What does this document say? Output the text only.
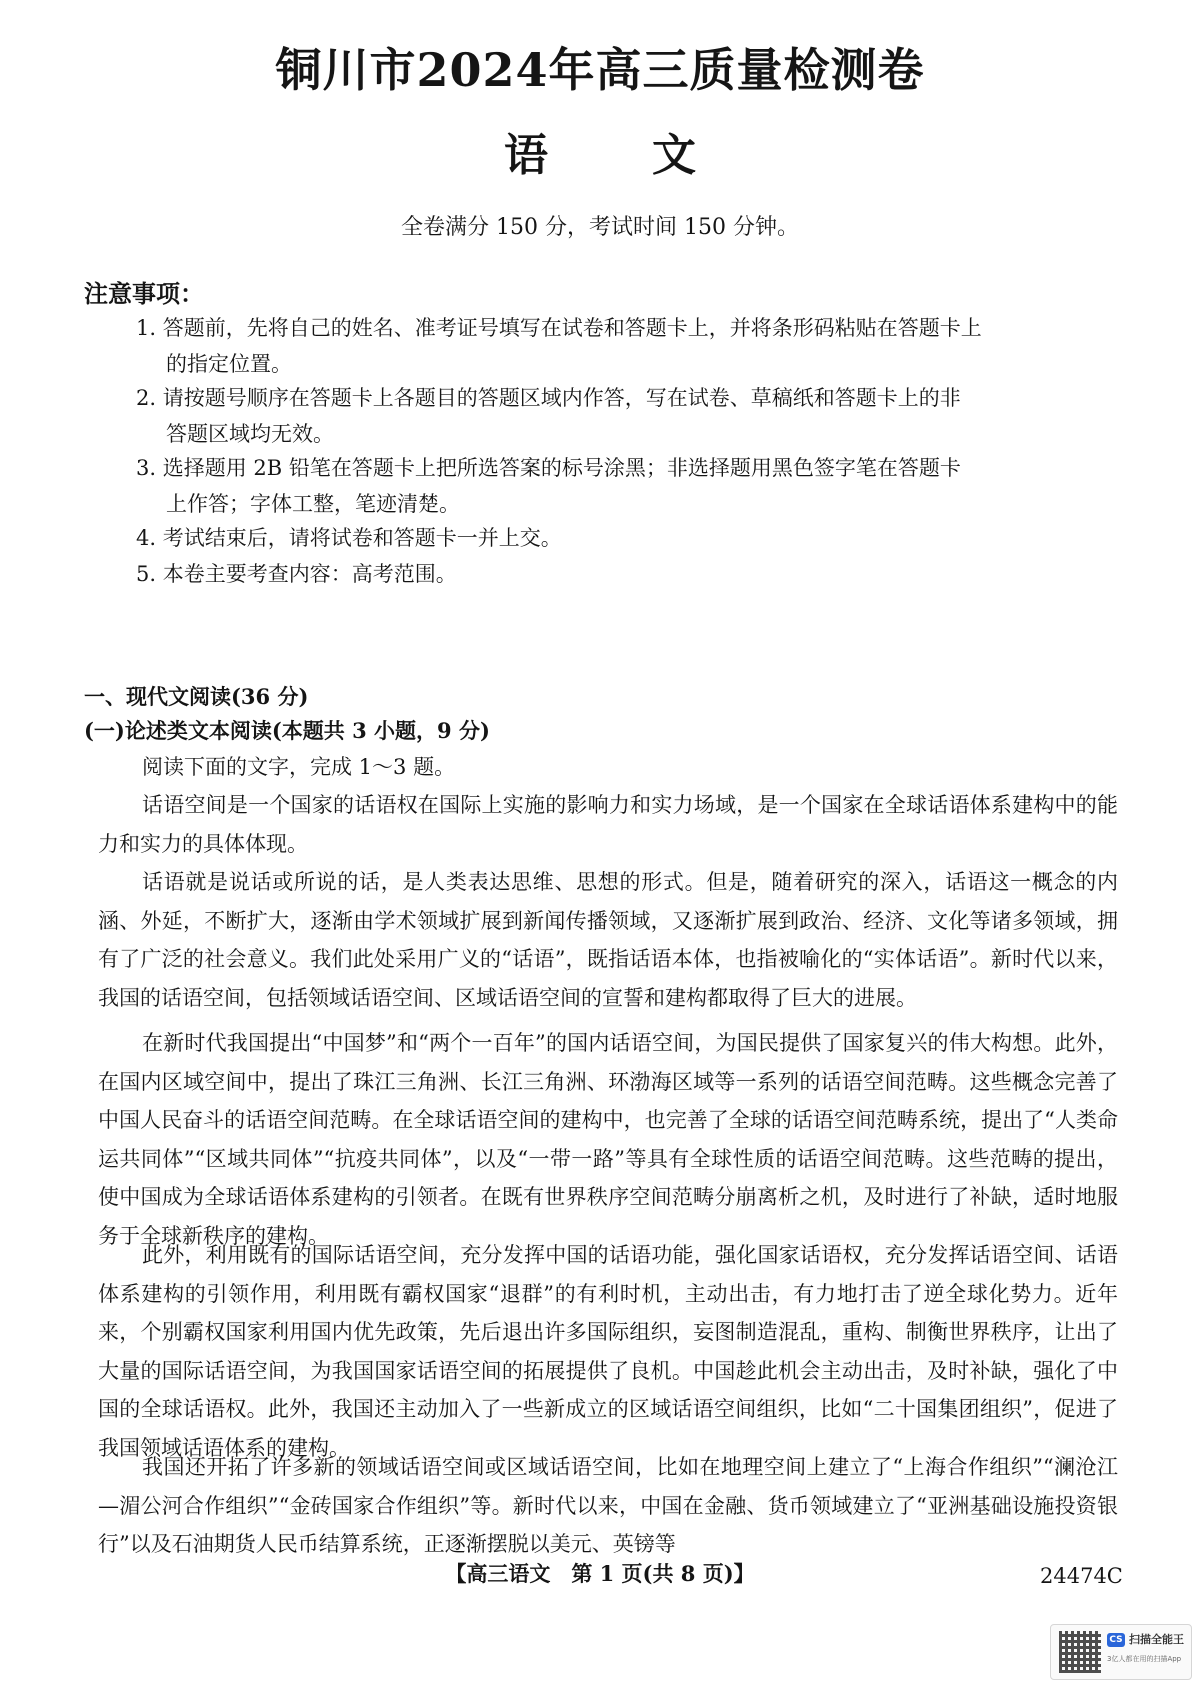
铜川市2024年高三质量检测卷
语 文
全卷满分 150 分，考试时间 150 分钟。
注意事项：
1. 答题前，先将自己的姓名、准考证号填写在试卷和答题卡上，并将条形码粘贴在答题卡上
的指定位置。
2. 请按题号顺序在答题卡上各题目的答题区域内作答，写在试卷、草稿纸和答题卡上的非
答题区域均无效。
3. 选择题用 2B 铅笔在答题卡上把所选答案的标号涂黑；非选择题用黑色签字笔在答题卡
上作答；字体工整，笔迹清楚。
4. 考试结束后，请将试卷和答题卡一并上交。
5. 本卷主要考查内容：高考范围。
一、现代文阅读(36 分)
(一)论述类文本阅读(本题共 3 小题，9 分)
阅读下面的文字，完成 1～3 题。
话语空间是一个国家的话语权在国际上实施的影响力和实力场域，是一个国家在全球话语体系建构中的能力和实力的具体体现。
话语就是说话或所说的话，是人类表达思维、思想的形式。但是，随着研究的深入，话语这一概念的内涵、外延，不断扩大，逐渐由学术领域扩展到新闻传播领域，又逐渐扩展到政治、经济、文化等诸多领域，拥有了广泛的社会意义。我们此处采用广义的“话语”，既指话语本体，也指被喻化的“实体话语”。新时代以来，我国的话语空间，包括领域话语空间、区域话语空间的宣誓和建构都取得了巨大的进展。
在新时代我国提出“中国梦”和“两个一百年”的国内话语空间，为国民提供了国家复兴的伟大构想。此外，在国内区域空间中，提出了珠江三角洲、长江三角洲、环渤海区域等一系列的话语空间范畴。这些概念完善了中国人民奋斗的话语空间范畴。在全球话语空间的建构中，也完善了全球的话语空间范畴系统，提出了“人类命运共同体”“区域共同体”“抗疫共同体”，以及“一带一路”等具有全球性质的话语空间范畴。这些范畴的提出，使中国成为全球话语体系建构的引领者。在既有世界秩序空间范畴分崩离析之机，及时进行了补缺，适时地服务于全球新秩序的建构。
此外，利用既有的国际话语空间，充分发挥中国的话语功能，强化国家话语权，充分发挥话语空间、话语体系建构的引领作用，利用既有霸权国家“退群”的有利时机，主动出击，有力地打击了逆全球化势力。近年来，个别霸权国家利用国内优先政策，先后退出许多国际组织，妄图制造混乱，重构、制衡世界秩序，让出了大量的国际话语空间，为我国国家话语空间的拓展提供了良机。中国趁此机会主动出击，及时补缺，强化了中国的全球话语权。此外，我国还主动加入了一些新成立的区域话语空间组织，比如“二十国集团组织”，促进了我国领域话语体系的建构。
我国还开拓了许多新的领域话语空间或区域话语空间，比如在地理空间上建立了“上海合作组织”“澜沧江—湄公河合作组织”“金砖国家合作组织”等。新时代以来，中国在金融、货币领域建立了“亚洲基础设施投资银行”以及石油期货人民币结算系统，正逐渐摆脱以美元、英镑等
【高三语文　第 1 页(共 8 页)】	24474C
CS 扫描全能王
3亿人都在用的扫描App
